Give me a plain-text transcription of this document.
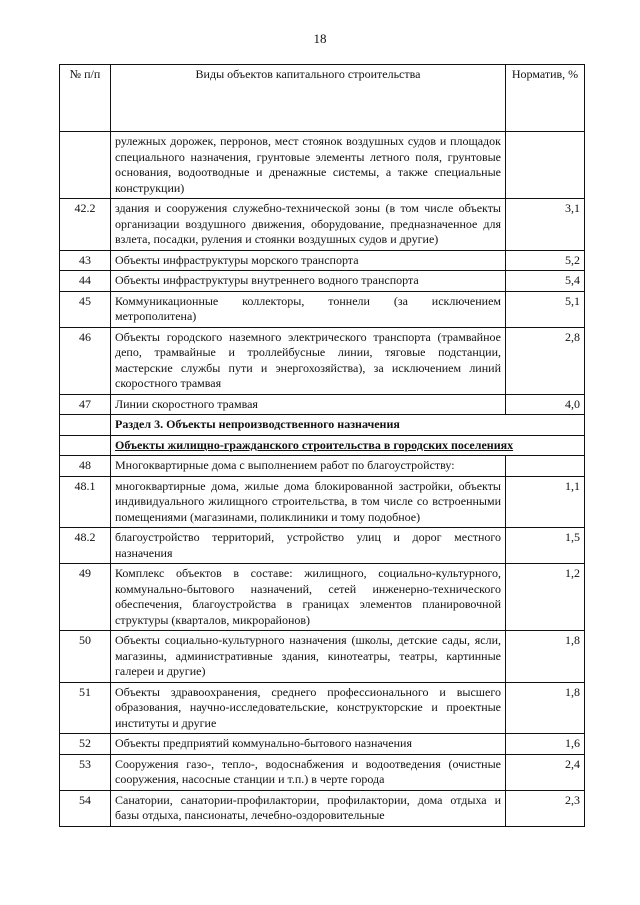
18
№ п/п	Виды объектов капитального строительства	Норматив, %
	рулежных дорожек, перронов, мест стоянок воздушных судов и площадок специального назначения, грунтовые элементы летного поля, грунтовые основания, водоотводные и дренажные системы, а также специальные конструкции)	
42.2	здания и сооружения служебно-технической зоны (в том числе объекты организации воздушного движения, оборудование, предназначенное для взлета, посадки, руления и стоянки воздушных судов и другие)	3,1
43	Объекты инфраструктуры морского транспорта	5,2
44	Объекты инфраструктуры внутреннего водного транспорта	5,4
45	Коммуникационные коллекторы, тоннели (за исключением метрополитена)	5,1
46	Объекты городского наземного электрического транспорта (трамвайное депо, трамвайные и троллейбусные линии, тяговые подстанции, мастерские службы пути и энергохозяйства), за исключением линий скоростного трамвая	2,8
47	Линии скоростного трамвая	4,0
	Раздел 3. Объекты непроизводственного назначения	
	Объекты жилищно-гражданского строительства в городских поселениях	
48	Многоквартирные дома с выполнением работ по благоустройству:	
48.1	многоквартирные дома, жилые дома блокированной застройки, объекты индивидуального жилищного строительства, в том числе со встроенными помещениями (магазинами, поликлиники и тому подобное)	1,1
48.2	благоустройство территорий, устройство улиц и дорог местного назначения	1,5
49	Комплекс объектов в составе: жилищного, социально-культурного, коммунально-бытового назначений, сетей инженерно-технического обеспечения, благоустройства в границах элементов планировочной структуры (кварталов, микрорайонов)	1,2
50	Объекты социально-культурного назначения (школы, детские сады, ясли, магазины, административные здания, кинотеатры, театры, картинные галереи и другие)	1,8
51	Объекты здравоохранения, среднего профессионального и высшего образования, научно-исследовательские, конструкторские и проектные институты и другие	1,8
52	Объекты предприятий коммунально-бытового назначения	1,6
53	Сооружения газо-, тепло-, водоснабжения и водоотведения (очистные сооружения, насосные станции и т.п.) в черте города	2,4
54	Санатории, санатории-профилактории, профилактории, дома отдыха и базы отдыха, пансионаты, лечебно-оздоровительные	2,3
